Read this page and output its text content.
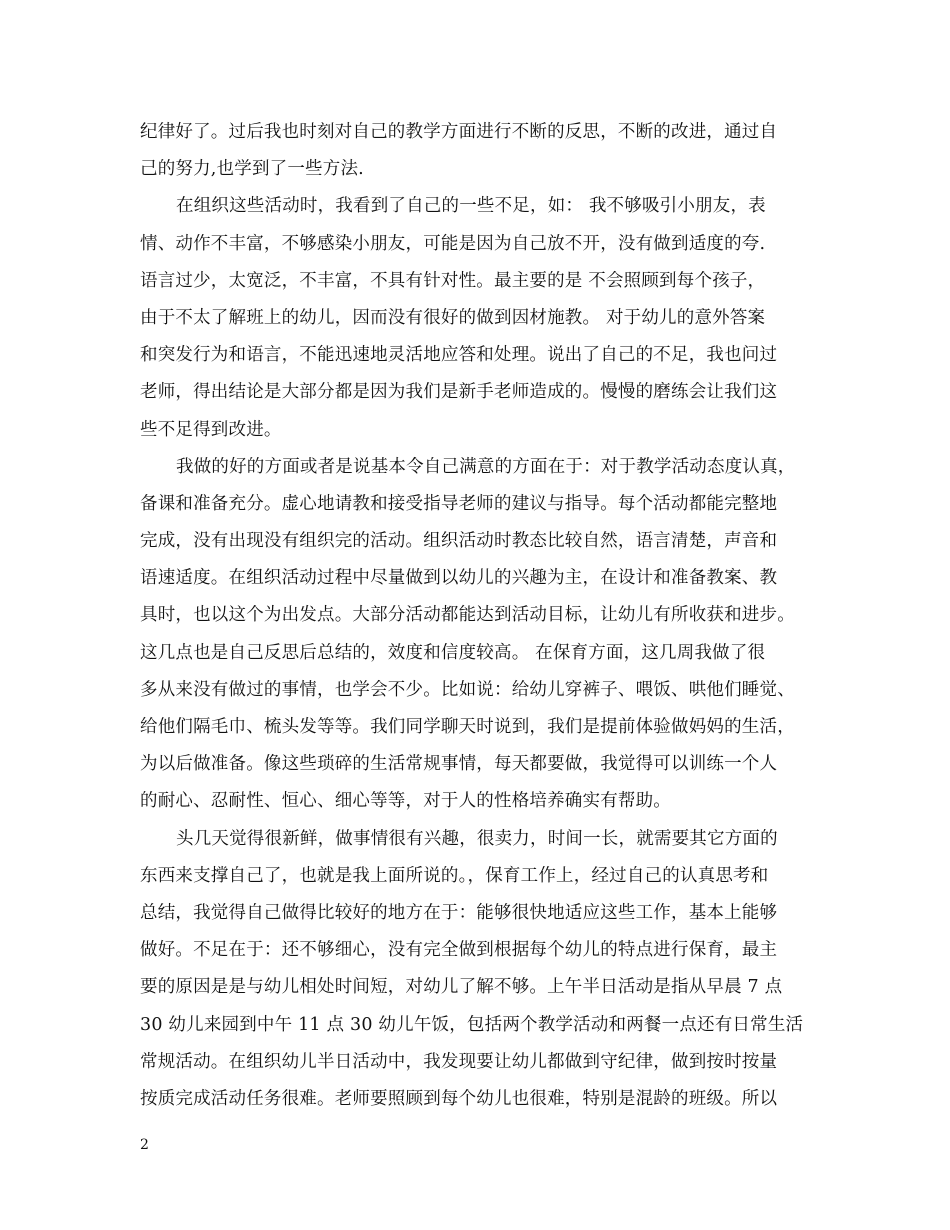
纪律好了。过后我也时刻对自己的教学方面进行不断的反思，不断的改进，通过自
己的努力,也学到了一些方法.
在组织这些活动时，我看到了自己的一些不足，如： 我不够吸引小朋友，表
情、动作不丰富，不够感染小朋友，可能是因为自己放不开，没有做到适度的夸.
语言过少，太宽泛，不丰富，不具有针对性。最主要的是 不会照顾到每个孩子，
由于不太了解班上的幼儿，因而没有很好的做到因材施教。 对于幼儿的意外答案
和突发行为和语言，不能迅速地灵活地应答和处理。说出了自己的不足，我也问过
老师，得出结论是大部分都是因为我们是新手老师造成的。慢慢的磨练会让我们这
些不足得到改进。
我做的好的方面或者是说基本令自己满意的方面在于：对于教学活动态度认真，
备课和准备充分。虚心地请教和接受指导老师的建议与指导。每个活动都能完整地
完成，没有出现没有组织完的活动。组织活动时教态比较自然，语言清楚，声音和
语速适度。在组织活动过程中尽量做到以幼儿的兴趣为主，在设计和准备教案、教
具时，也以这个为出发点。大部分活动都能达到活动目标，让幼儿有所收获和进步。
这几点也是自己反思后总结的，效度和信度较高。 在保育方面，这几周我做了很
多从来没有做过的事情，也学会不少。比如说：给幼儿穿裤子、喂饭、哄他们睡觉、
给他们隔毛巾、梳头发等等。我们同学聊天时说到，我们是提前体验做妈妈的生活，
为以后做准备。像这些琐碎的生活常规事情，每天都要做，我觉得可以训练一个人
的耐心、忍耐性、恒心、细心等等，对于人的性格培养确实有帮助。
头几天觉得很新鲜，做事情很有兴趣，很卖力，时间一长，就需要其它方面的
东西来支撑自己了，也就是我上面所说的。，保育工作上，经过自己的认真思考和
总结，我觉得自己做得比较好的地方在于：能够很快地适应这些工作，基本上能够
做好。不足在于：还不够细心，没有完全做到根据每个幼儿的特点进行保育，最主
要的原因是是与幼儿相处时间短，对幼儿了解不够。上午半日活动是指从早晨 7 点
30 幼儿来园到中午 11 点 30 幼儿午饭，包括两个教学活动和两餐一点还有日常生活
常规活动。在组织幼儿半日活动中，我发现要让幼儿都做到守纪律，做到按时按量
按质完成活动任务很难。老师要照顾到每个幼儿也很难，特别是混龄的班级。所以
2
